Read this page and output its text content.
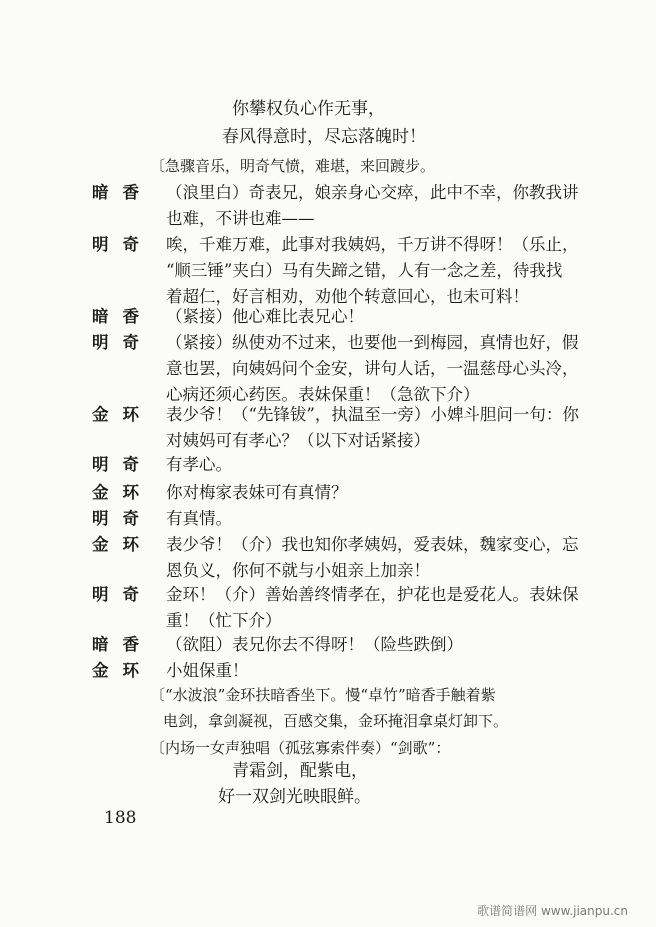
你攀权负心作无事，
春风得意时，尽忘落魄时！
〔急骤音乐，明奇气愤，难堪，来回踱步。
暗香 （浪里白）奇表兄，娘亲身心交瘁，此中不幸，你教我讲
也难，不讲也难——
明奇 唉，千难万难，此事对我姨妈，千万讲不得呀！（乐止，
“顺三锤”夹白）马有失蹄之错，人有一念之差，待我找
着超仁，好言相劝，劝他个转意回心，也未可料！
暗香 （紧接）他心难比表兄心！
明奇 （紧接）纵使劝不过来，也要他一到梅园，真情也好，假
意也罢，向姨妈问个金安，讲句人话，一温慈母心头冷，
心病还须心药医。表妹保重！（急欲下介）
金环 表少爷！（“先锋钹”，执温至一旁）小婢斗胆问一句：你
对姨妈可有孝心？（以下对话紧接）
明奇 有孝心。
金环 你对梅家表妹可有真情？
明奇 有真情。
金环 表少爷！（介）我也知你孝姨妈，爱表妹，魏家变心，忘
恩负义，你何不就与小姐亲上加亲！
明奇 金环！（介）善始善终情孝在，护花也是爱花人。表妹保
重！（忙下介）
暗香 （欲阻）表兄你去不得呀！（险些跌倒）
金环 小姐保重！
〔“水波浪”金环扶暗香坐下。慢“卓竹”暗香手触着紫
电剑，拿剑凝视，百感交集，金环掩泪拿桌灯卸下。
〔内场一女声独唱（孤弦寡索伴奏）“剑歌”：
青霜剑，配紫电，
好一双剑光映眼鲜。
188
歌谱简谱网 www.jianpu.cn
